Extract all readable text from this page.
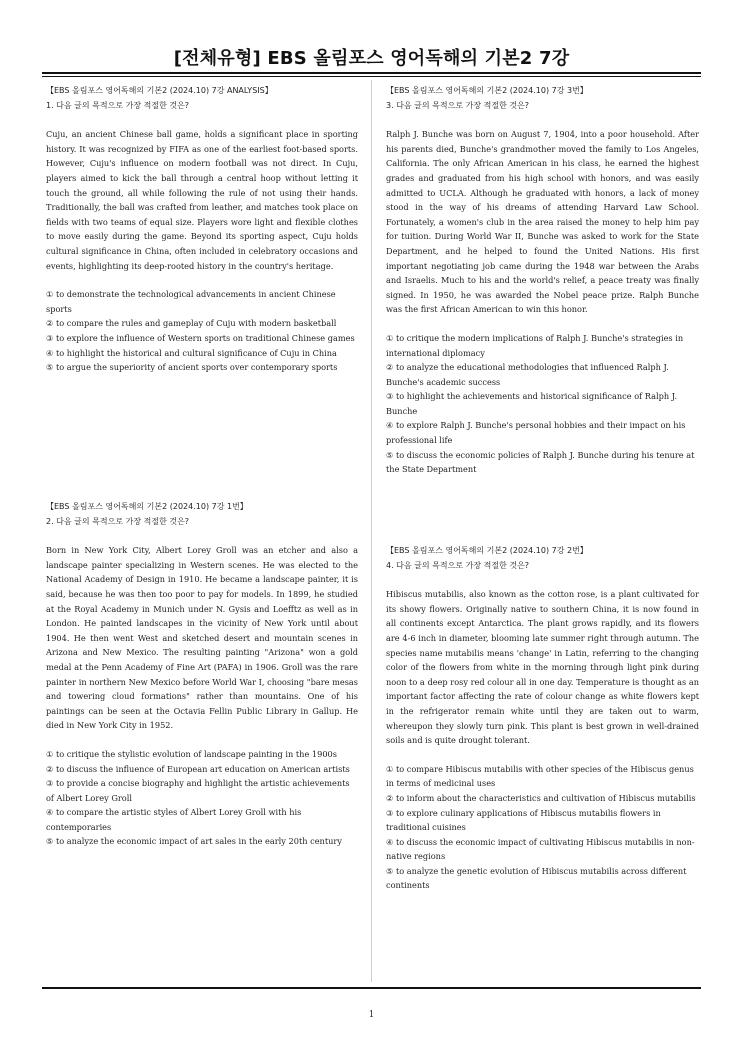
[전체유형] EBS 올림포스 영어독해의 기본2 7강
【EBS 올림포스 영어독해의 기본2 (2024.10) 7강 ANALYSIS】
1. 다음 글의 목적으로 가장 적절한 것은?
Cuju, an ancient Chinese ball game, holds a significant place in sporting history. It was recognized by FIFA as one of the earliest foot-based sports. However, Cuju's influence on modern football was not direct. In Cuju, players aimed to kick the ball through a central hoop without letting it touch the ground, all while following the rule of not using their hands. Traditionally, the ball was crafted from leather, and matches took place on fields with two teams of equal size. Players wore light and flexible clothes to move easily during the game. Beyond its sporting aspect, Cuju holds cultural significance in China, often included in celebratory occasions and events, highlighting its deep-rooted history in the country's heritage.
① to demonstrate the technological advancements in ancient Chinese sports
② to compare the rules and gameplay of Cuju with modern basketball
③ to explore the influence of Western sports on traditional Chinese games
④ to highlight the historical and cultural significance of Cuju in China
⑤ to argue the superiority of ancient sports over contemporary sports
【EBS 올림포스 영어독해의 기본2 (2024.10) 7강 3번】
3. 다음 글의 목적으로 가장 적절한 것은?
Ralph J. Bunche was born on August 7, 1904, into a poor household. After his parents died, Bunche's grandmother moved the family to Los Angeles, California. The only African American in his class, he earned the highest grades and graduated from his high school with honors, and was easily admitted to UCLA. Although he graduated with honors, a lack of money stood in the way of his dreams of attending Harvard Law School. Fortunately, a women's club in the area raised the money to help him pay for tuition. During World War II, Bunche was asked to work for the State Department, and he helped to found the United Nations. His first important negotiating job came during the 1948 war between the Arabs and Israelis. Much to his and the world's relief, a peace treaty was finally signed. In 1950, he was awarded the Nobel peace prize. Ralph Bunche was the first African American to win this honor.
① to critique the modern implications of Ralph J. Bunche's strategies in international diplomacy
② to analyze the educational methodologies that influenced Ralph J. Bunche's academic success
③ to highlight the achievements and historical significance of Ralph J. Bunche
④ to explore Ralph J. Bunche's personal hobbies and their impact on his professional life
⑤ to discuss the economic policies of Ralph J. Bunche during his tenure at the State Department
【EBS 올림포스 영어독해의 기본2 (2024.10) 7강 1번】
2. 다음 글의 목적으로 가장 적절한 것은?
Born in New York City, Albert Lorey Groll was an etcher and also a landscape painter specializing in Western scenes. He was elected to the National Academy of Design in 1910. He became a landscape painter, it is said, because he was then too poor to pay for models. In 1899, he studied at the Royal Academy in Munich under N. Gysis and Loefftz as well as in London. He painted landscapes in the vicinity of New York until about 1904. He then went West and sketched desert and mountain scenes in Arizona and New Mexico. The resulting painting "Arizona" won a gold medal at the Penn Academy of Fine Art (PAFA) in 1906. Groll was the rare painter in northern New Mexico before World War I, choosing "bare mesas and towering cloud formations" rather than mountains. One of his paintings can be seen at the Octavia Fellin Public Library in Gallup. He died in New York City in 1952.
① to critique the stylistic evolution of landscape painting in the 1900s
② to discuss the influence of European art education on American artists
③ to provide a concise biography and highlight the artistic achievements of Albert Lorey Groll
④ to compare the artistic styles of Albert Lorey Groll with his contemporaries
⑤ to analyze the economic impact of art sales in the early 20th century
【EBS 올림포스 영어독해의 기본2 (2024.10) 7강 2번】
4. 다음 글의 목적으로 가장 적절한 것은?
Hibiscus mutabilis, also known as the cotton rose, is a plant cultivated for its showy flowers. Originally native to southern China, it is now found in all continents except Antarctica. The plant grows rapidly, and its flowers are 4-6 inch in diameter, blooming late summer right through autumn. The species name mutabilis means 'change' in Latin, referring to the changing color of the flowers from white in the morning through light pink during noon to a deep rosy red colour all in one day. Temperature is thought as an important factor affecting the rate of colour change as white flowers kept in the refrigerator remain white until they are taken out to warm, whereupon they slowly turn pink. This plant is best grown in well-drained soils and is quite drought tolerant.
① to compare Hibiscus mutabilis with other species of the Hibiscus genus in terms of medicinal uses
② to inform about the characteristics and cultivation of Hibiscus mutabilis
③ to explore culinary applications of Hibiscus mutabilis flowers in traditional cuisines
④ to discuss the economic impact of cultivating Hibiscus mutabilis in non-native regions
⑤ to analyze the genetic evolution of Hibiscus mutabilis across different continents
1
